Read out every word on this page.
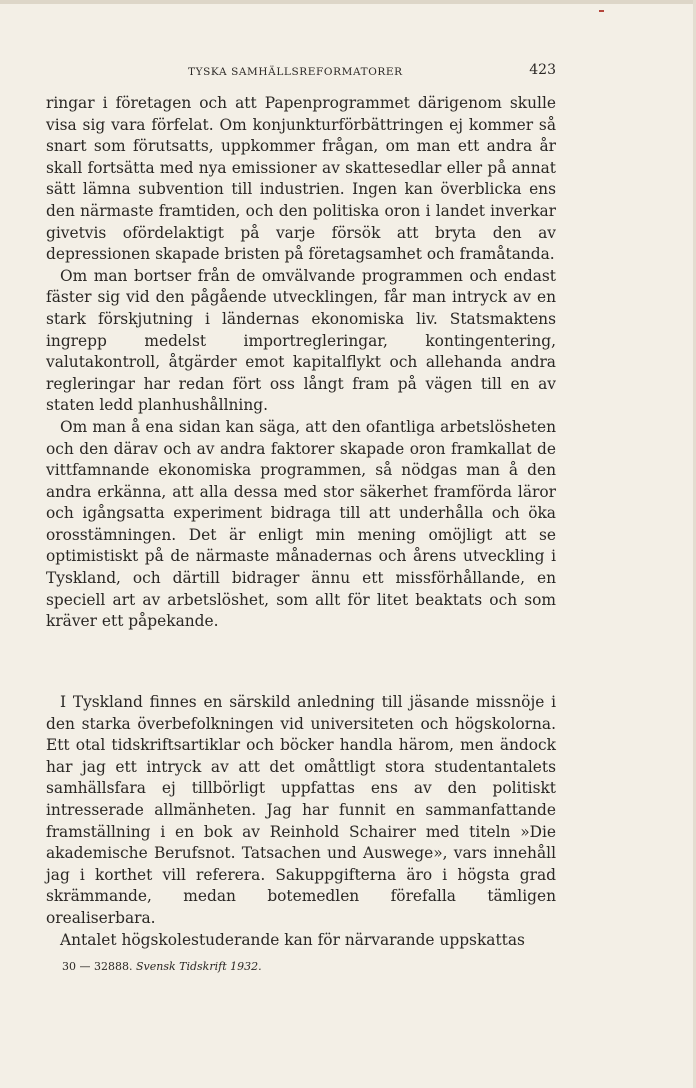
TYSKA SAMHÄLLSREFORMATORER	423

ringar i företagen och att Papenprogrammet därigenom skulle visa sig vara förfelat. Om konjunkturförbättringen ej kommer så snart som förutsatts, uppkommer frågan, om man ett andra år skall fortsätta med nya emissioner av skattesedlar eller på annat sätt lämna subvention till industrien. Ingen kan överblicka ens den närmaste framtiden, och den politiska oron i landet inverkar givetvis ofördelaktigt på varje försök att bryta den av depressionen skapade bristen på företagsamhet och framåtanda.

Om man bortser från de omvälvande programmen och endast fäster sig vid den pågående utvecklingen, får man intryck av en stark förskjutning i ländernas ekonomiska liv. Statsmaktens ingrepp medelst importregleringar, kontingentering, valutakontroll, åtgärder emot kapitalflykt och allehanda andra regleringar har redan fört oss långt fram på vägen till en av staten ledd planhushållning.

Om man å ena sidan kan säga, att den ofantliga arbetslösheten och den därav och av andra faktorer skapade oron framkallat de vittfamnande ekonomiska programmen, så nödgas man å den andra erkänna, att alla dessa med stor säkerhet framförda läror och igångsatta experiment bidraga till att underhålla och öka orosstämningen. Det är enligt min mening omöjligt att se optimistiskt på de närmaste månadernas och årens utveckling i Tyskland, och därtill bidrager ännu ett missförhållande, en speciell art av arbetslöshet, som allt för litet beaktats och som kräver ett påpekande.

I Tyskland finnes en särskild anledning till jäsande missnöje i den starka överbefolkningen vid universiteten och högskolorna. Ett otal tidskriftsartiklar och böcker handla härom, men ändock har jag ett intryck av att det omåttligt stora studentantalets samhällsfara ej tillbörligt uppfattas ens av den politiskt intresserade allmänheten. Jag har funnit en sammanfattande framställning i en bok av Reinhold Schairer med titeln »Die akademische Berufsnot. Tatsachen und Auswege», vars innehåll jag i korthet vill referera. Sakuppgifterna äro i högsta grad skrämmande, medan botemedlen förefalla tämligen orealiserbara.

Antalet högskolestuderande kan för närvarande uppskattas

30 — 32888. Svensk Tidskrift 1932.
